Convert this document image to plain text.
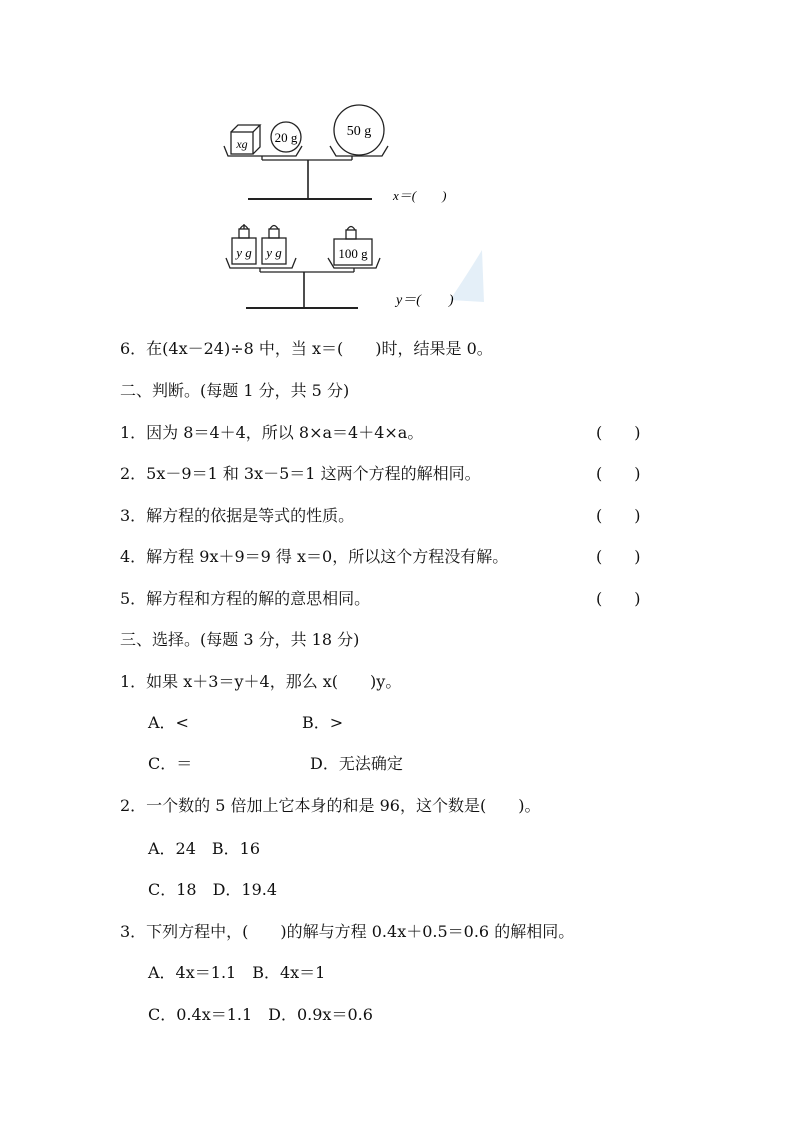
xg 20 g	50 g
x＝(　　)
y g y g	100 g
y＝(　　)
6．在(4x－24)÷8 中，当 x＝(　　)时，结果是 0。
二、判断。(每题 1 分，共 5 分)
1．因为 8＝4＋4，所以 8×a＝4＋4×a。	(　　)
2．5x－9＝1 和 3x－5＝1 这两个方程的解相同。	(　　)
3．解方程的依据是等式的性质。	(　　)
4．解方程 9x＋9＝9 得 x＝0，所以这个方程没有解。	(　　)
5．解方程和方程的解的意思相同。	(　　)
三、选择。(每题 3 分，共 18 分)
1．如果 x＋3＝y＋4，那么 x(　　)y。
A．<	B．>
C．＝	D．无法确定
2．一个数的 5 倍加上它本身的和是 96，这个数是(　　)。
A．24　B．16
C．18　D．19.4
3．下列方程中，(　　)的解与方程 0.4x＋0.5＝0.6 的解相同。
A．4x＝1.1　B．4x＝1
C．0.4x＝1.1　D．0.9x＝0.6
